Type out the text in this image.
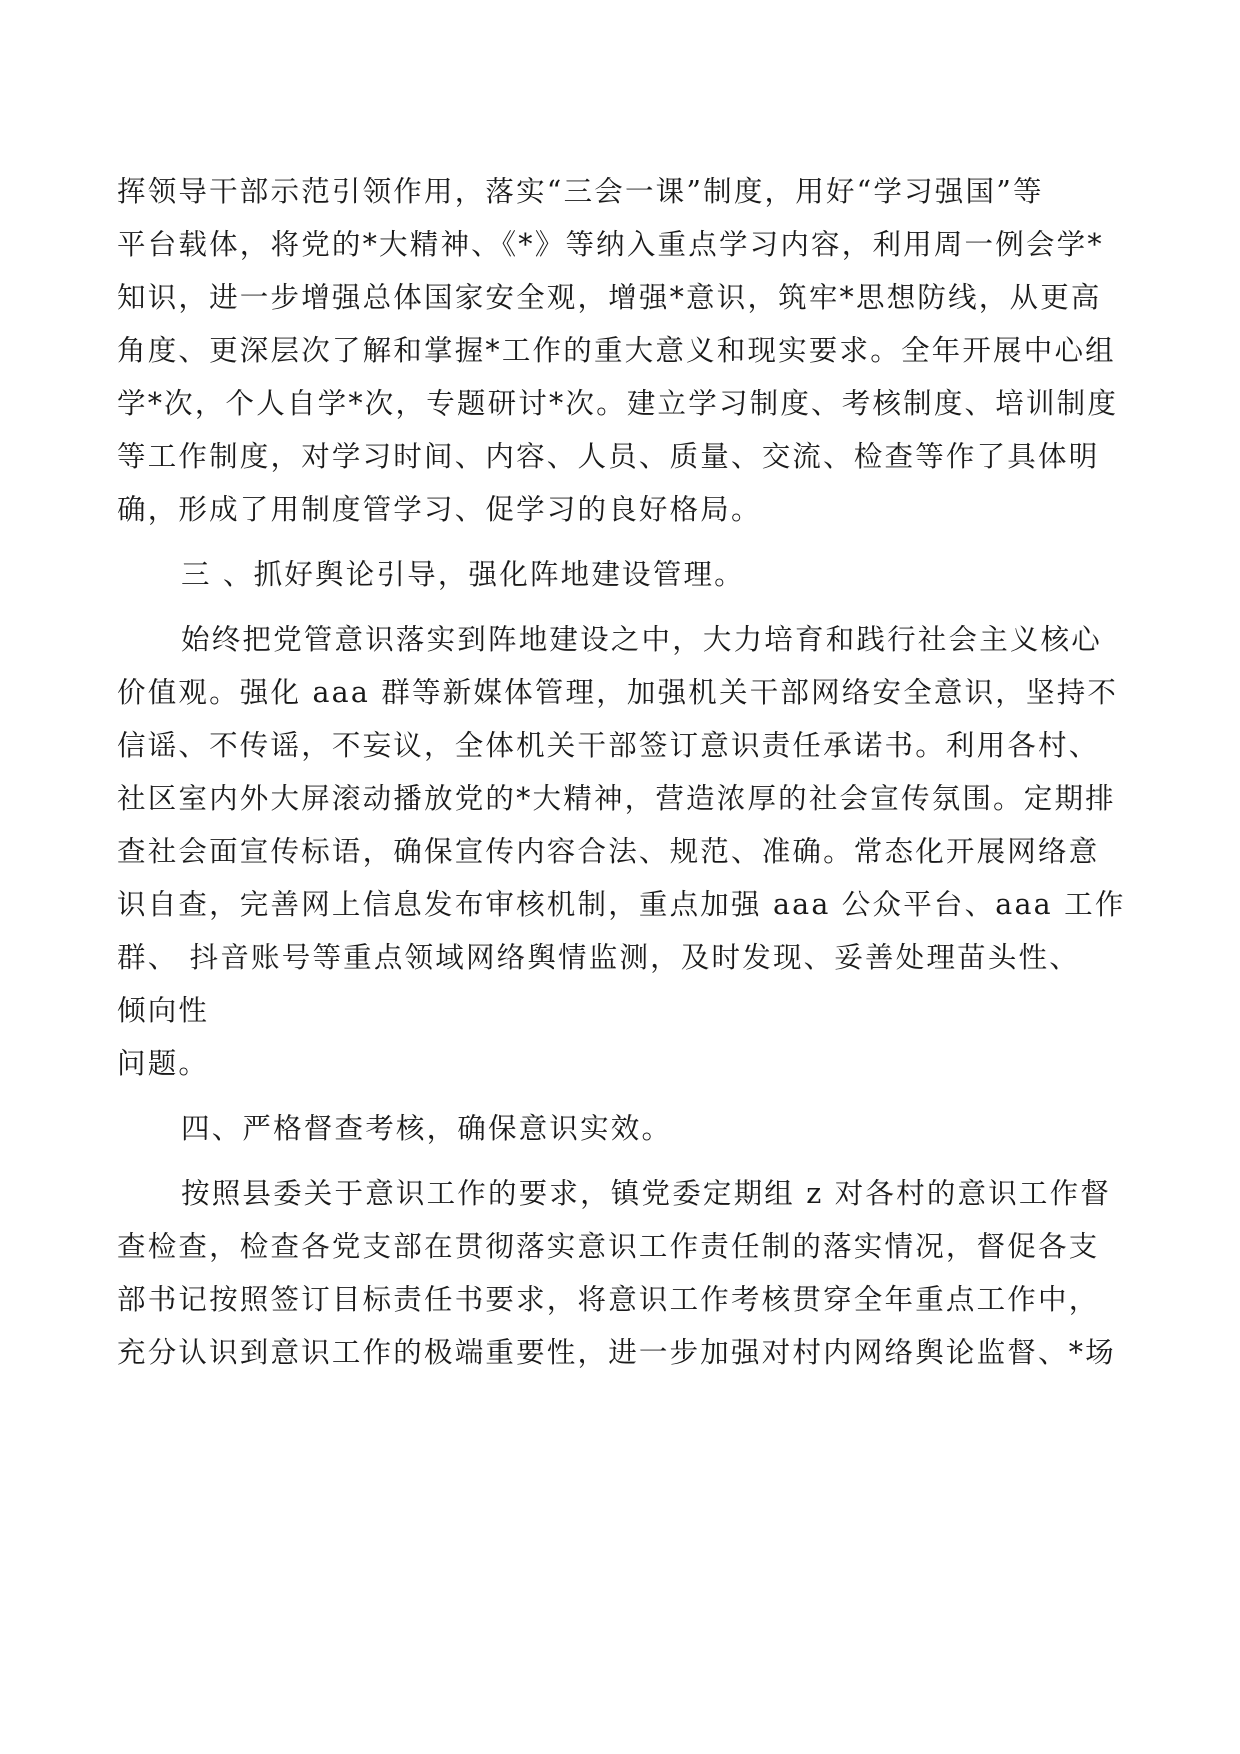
挥领导干部示范引领作用，落实“三会一课”制度，用好“学习强国”等
平台载体，将党的*大精神、《*》等纳入重点学习内容，利用周一例会学*
知识，进一步增强总体国家安全观，增强*意识，筑牢*思想防线，从更高
角度、更深层次了解和掌握*工作的重大意义和现实要求。全年开展中心组
学*次，个人自学*次，专题研讨*次。建立学习制度、考核制度、培训制度
等工作制度，对学习时间、内容、人员、质量、交流、检查等作了具体明
确，形成了用制度管学习、促学习的良好格局。
三 、抓好舆论引导，强化阵地建设管理。
始终把党管意识落实到阵地建设之中，大力培育和践行社会主义核心
价值观。强化 aaa 群等新媒体管理，加强机关干部网络安全意识，坚持不
信谣、不传谣，不妄议，全体机关干部签订意识责任承诺书。利用各村、
社区室内外大屏滚动播放党的*大精神，营造浓厚的社会宣传氛围。定期排
查社会面宣传标语，确保宣传内容合法、规范、准确。常态化开展网络意
识自查，完善网上信息发布审核机制，重点加强 aaa 公众平台、aaa 工作
群、 抖音账号等重点领域网络舆情监测，及时发现、妥善处理苗头性、
倾向性
问题。
四、严格督查考核，确保意识实效。
按照县委关于意识工作的要求，镇党委定期组 z 对各村的意识工作督
查检查，检查各党支部在贯彻落实意识工作责任制的落实情况，督促各支
部书记按照签订目标责任书要求，将意识工作考核贯穿全年重点工作中，
充分认识到意识工作的极端重要性，进一步加强对村内网络舆论监督、*场
